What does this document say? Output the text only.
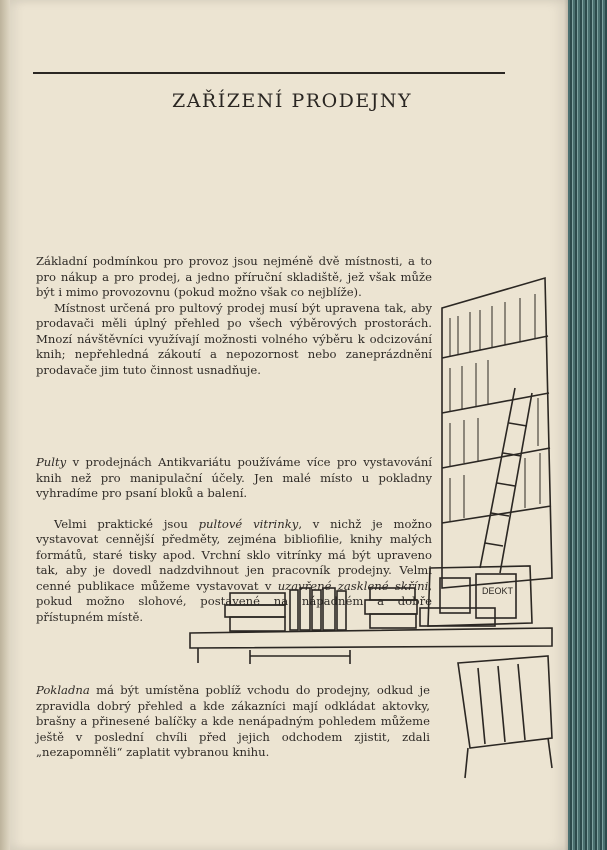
ZAŘÍZENÍ PRODEJNY

Základní podmínkou pro provoz jsou nejméně dvě místnosti, a to pro nákup a pro prodej, a jedno příruční skladiště, jež však může být i mimo provozovnu (pokud možno však co nejblíže).

Místnost určená pro pultový prodej musí být upravena tak, aby prodavači měli úplný přehled po všech výběrových prostorách. Mnozí návštěvníci využívají možnosti volného výběru k odcizování knih; nepřehledná zákoutí a nepozornost nebo zaneprázdnění prodavače jim tuto činnost usnadňuje.

Pulty v prodejnách Antikvariátu používáme více pro vystavování knih než pro manipulační účely. Jen malé místo u pokladny vyhradíme pro psaní bloků a balení.

Velmi praktické jsou pultové vitrinky, v nichž je možno vystavovat cennější předměty, zejména bibliofilie, knihy malých formátů, staré tisky apod. Vrchní sklo vitrínky má být upraveno tak, aby je dovedl nadzdvihnout jen pracovník prodejny. Velmi cenné publikace můžeme vystavovat v uzavřené zasklené skříni, pokud možno slohové, postavené na nápadném a dobře přístupném místě.

Pokladna má být umístěna poblíž vchodu do prodejny, odkud je zpravidla dobrý přehled a kde zákazníci mají odkládat aktovky, brašny a přinesené balíčky a kde nenápadným pohledem můžeme ještě v poslední chvíli před jejich odchodem zjistit, zdali „nezapomněli“ zaplatit vybranou knihu.

DEOKT
